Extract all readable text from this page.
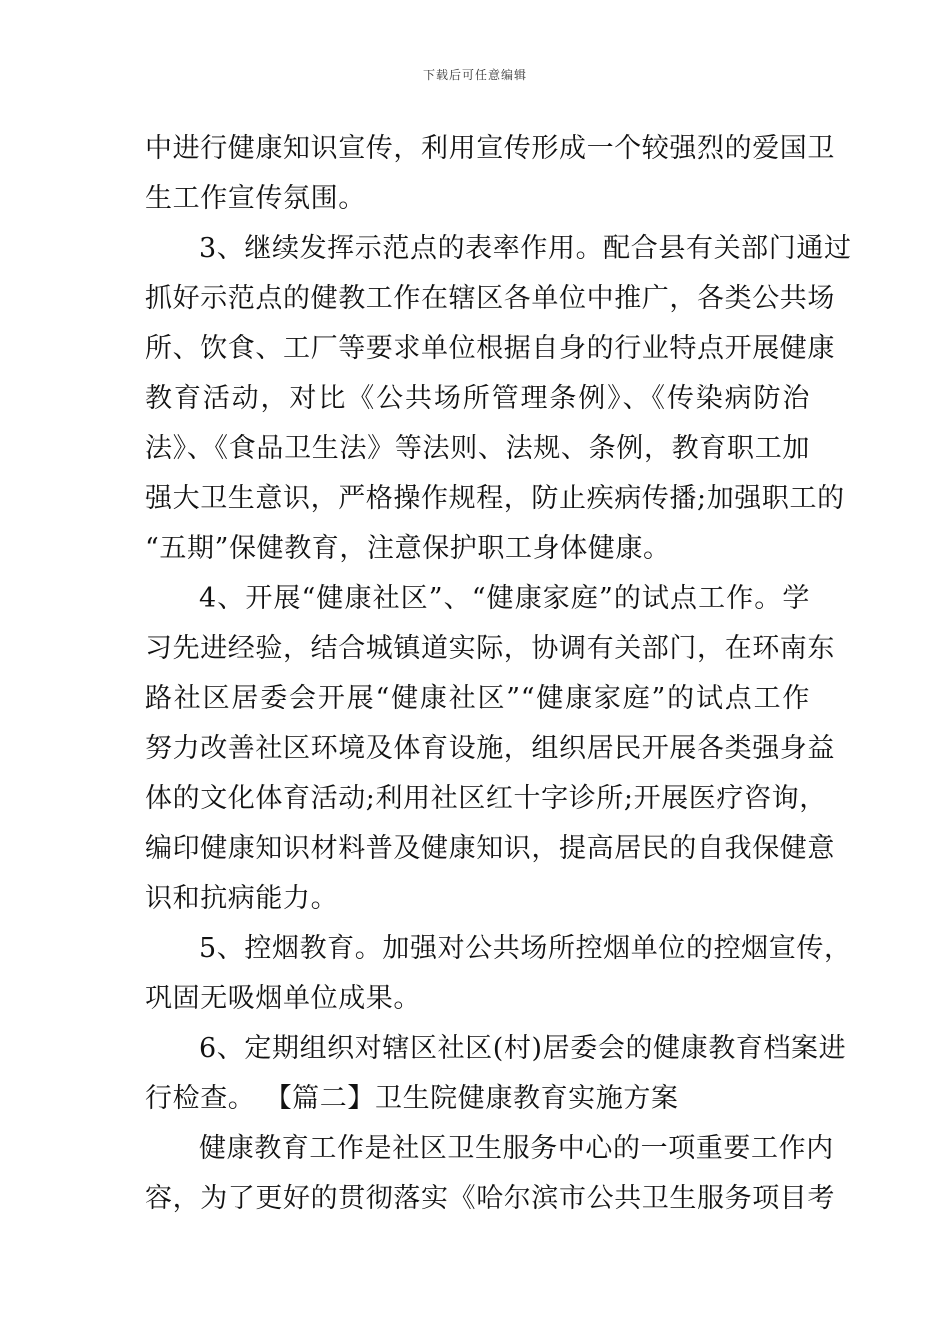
下载后可任意编辑
中进行健康知识宣传，利用宣传形成一个较强烈的爱国卫
生工作宣传氛围。
3、继续发挥示范点的表率作用。配合县有关部门通过
抓好示范点的健教工作在辖区各单位中推广，各类公共场
所、饮食、工厂等要求单位根据自身的行业特点开展健康
教育活动，对比《公共场所管理条例》、《传染病防治
法》、《食品卫生法》等法则、法规、条例，教育职工加
强大卫生意识，严格操作规程，防止疾病传播;加强职工的
“五期”保健教育，注意保护职工身体健康。
4、开展“健康社区”、“健康家庭”的试点工作。学
习先进经验，结合城镇道实际，协调有关部门，在环南东
路社区居委会开展“健康社区”“健康家庭”的试点工作
努力改善社区环境及体育设施，组织居民开展各类强身益
体的文化体育活动;利用社区红十字诊所;开展医疗咨询，
编印健康知识材料普及健康知识，提高居民的自我保健意
识和抗病能力。
5、控烟教育。加强对公共场所控烟单位的控烟宣传，
巩固无吸烟单位成果。
6、定期组织对辖区社区(村)居委会的健康教育档案进
行检查。 【篇二】卫生院健康教育实施方案
健康教育工作是社区卫生服务中心的一项重要工作内
容，为了更好的贯彻落实《哈尔滨市公共卫生服务项目考
